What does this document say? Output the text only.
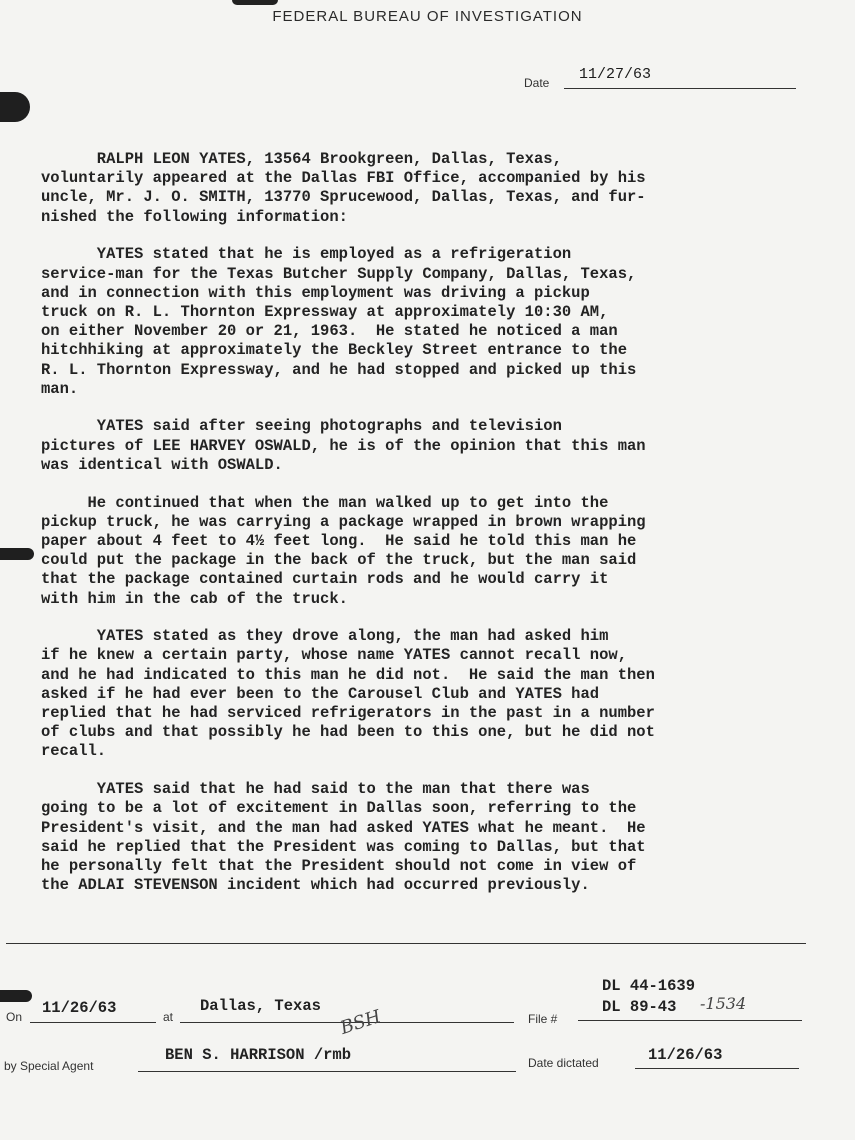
FEDERAL BUREAU OF INVESTIGATION
Date 11/27/63
RALPH LEON YATES, 13564 Brookgreen, Dallas, Texas,
voluntarily appeared at the Dallas FBI Office, accompanied by his
uncle, Mr. J. O. SMITH, 13770 Sprucewood, Dallas, Texas, and fur-
nished the following information:
YATES stated that he is employed as a refrigeration
service-man for the Texas Butcher Supply Company, Dallas, Texas,
and in connection with this employment was driving a pickup
truck on R. L. Thornton Expressway at approximately 10:30 AM,
on either November 20 or 21, 1963.  He stated he noticed a man
hitchhiking at approximately the Beckley Street entrance to the
R. L. Thornton Expressway, and he had stopped and picked up this
man.
YATES said after seeing photographs and television
pictures of LEE HARVEY OSWALD, he is of the opinion that this man
was identical with OSWALD.
He continued that when the man walked up to get into the
pickup truck, he was carrying a package wrapped in brown wrapping
paper about 4 feet to 4½ feet long.  He said he told this man he
could put the package in the back of the truck, but the man said
that the package contained curtain rods and he would carry it
with him in the cab of the truck.
YATES stated as they drove along, the man had asked him
if he knew a certain party, whose name YATES cannot recall now,
and he had indicated to this man he did not.  He said the man then
asked if he had ever been to the Carousel Club and YATES had
replied that he had serviced refrigerators in the past in a number
of clubs and that possibly he had been to this one, but he did not
recall.
YATES said that he had said to the man that there was
going to be a lot of excitement in Dallas soon, referring to the
President's visit, and the man had asked YATES what he meant.  He
said he replied that the President was coming to Dallas, but that
he personally felt that the President should not come in view of
the ADLAI STEVENSON incident which had occurred previously.
On 11/26/63	at
Dallas, Texas
File #
DL 44-1639
DL 89-43 -1534
BSH
by Special Agent
BEN S. HARRISON /rmb	Date dictated	11/26/63
